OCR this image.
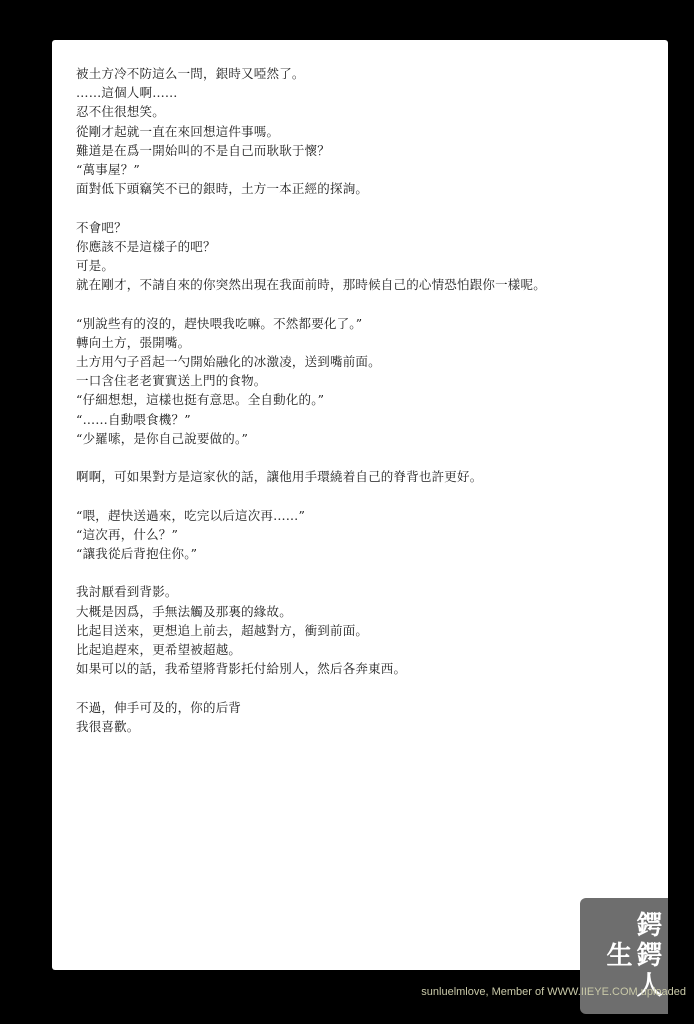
被土方冷不防這么一問，銀時又啞然了。
……這個人啊……
忍不住很想笑。
從剛才起就一直在來回想這件事嗎。
難道是在爲一開始叫的不是自己而耿耿于懷？
“萬事屋？”
面對低下頭竊笑不已的銀時，土方一本正經的探詢。
不會吧？
你應該不是這樣子的吧？
可是。
就在剛才，不請自來的你突然出現在我面前時，那時候自己的心情恐怕跟你一樣呢。
“別說些有的沒的，趕快喂我吃嘛。不然都要化了。”
轉向土方，張開嘴。
土方用勺子舀起一勺開始融化的冰激凌，送到嘴前面。
一口含住老老實實送上門的食物。
“仔細想想，這樣也挺有意思。全自動化的。”
“……自動喂食機？”
“少羅嗦，是你自己說要做的。”
啊啊，可如果對方是這家伙的話，讓他用手環繞着自己的脊背也許更好。
“喂，趕快送過來，吃完以后這次再……”
“這次再，什么？”
“讓我從后背抱住你。”
我討厭看到背影。
大概是因爲，手無法觸及那裏的緣故。
比起目送來，更想追上前去，超越對方，衝到前面。
比起追趕來，更希望被超越。
如果可以的話，我希望將背影托付給別人，然后各奔東西。
不過，伸手可及的，你的后背
我很喜歡。
鍔鍔人生
sunluelmlove, Member of WWW.IIEYE.COM uploaded
